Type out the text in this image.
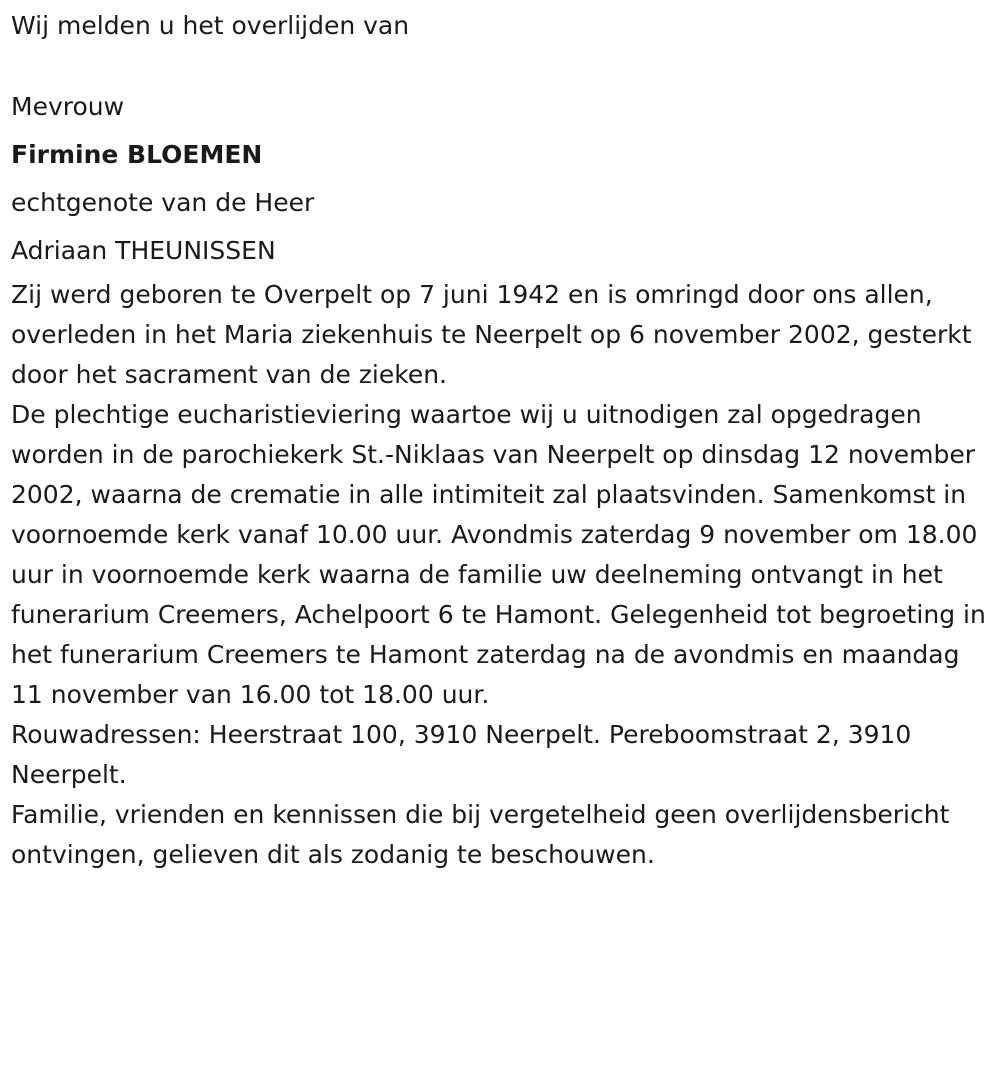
Wij melden u het overlijden van

Mevrouw

Firmine BLOEMEN

echtgenote van de Heer

Adriaan THEUNISSEN

Zij werd geboren te Overpelt op 7 juni 1942 en is omringd door ons allen, overleden in het Maria ziekenhuis te Neerpelt op 6 november 2002, gesterkt door het sacrament van de zieken.

De plechtige eucharistieviering waartoe wij u uitnodigen zal opgedragen worden in de parochiekerk St.-Niklaas van Neerpelt op dinsdag 12 november 2002, waarna de crematie in alle intimiteit zal plaatsvinden. Samenkomst in voornoemde kerk vanaf 10.00 uur. Avondmis zaterdag 9 november om 18.00 uur in voornoemde kerk waarna de familie uw deelneming ontvangt in het funerarium Creemers, Achelpoort 6 te Hamont. Gelegenheid tot begroeting in het funerarium Creemers te Hamont zaterdag na de avondmis en maandag 11 november van 16.00 tot 18.00 uur.

Rouwadressen: Heerstraat 100, 3910 Neerpelt. Pereboomstraat 2, 3910 Neerpelt.

Familie, vrienden en kennissen die bij vergetelheid geen overlijdensbericht ontvingen, gelieven dit als zodanig te beschouwen.
